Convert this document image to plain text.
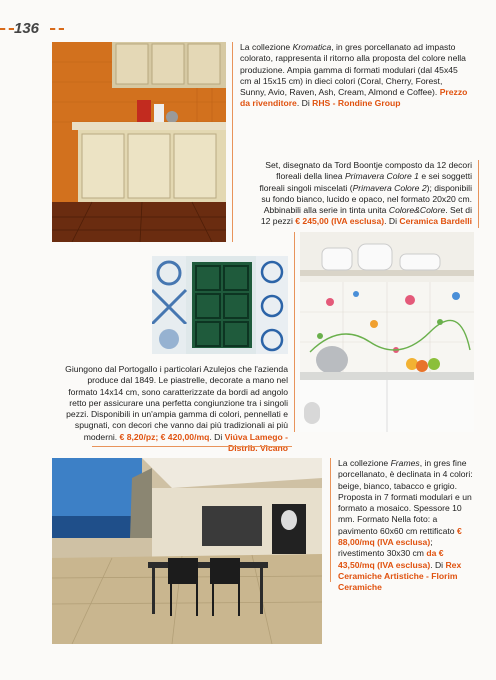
136
La collezione Kromatica, in gres porcellanato ad impasto colorato, rappresenta il ritorno alla proposta del colore nella produzione. Ampia gamma di formati modulari (dal 45x45 cm al 15x15 cm) in dieci colori (Coral, Cherry, Forest, Sunny, Avio, Raven, Ash, Cream, Almond e Coffee). Prezzo da rivenditore. Di RHS - Rondine Group
Set, disegnato da Tord Boontje composto da 12 decori floreali della linea Primavera Colore 1 e sei soggetti floreali singoli miscelati (Primavera Colore 2); disponibili su fondo bianco, lucido e opaco, nel formato 20x20 cm. Abbinabili alla serie in tinta unita Colore&Colore. Set di 12 pezzi € 245,00 (IVA esclusa). Di Ceramica Bardelli
Giungono dal Portogallo i particolari Azulejos che l'azienda produce dal 1849. Le piastrelle, decorate a mano nel formato 14x14 cm, sono caratterizzate da bordi ad angolo retto per assicurare una perfetta congiunzione tra i singoli pezzi. Disponibili in un'ampia gamma di colori, pennellati e spugnati, con decori che vanno dai più tradizionali ai più moderni. € 8,20/pz; € 420,00/mq. Di Viúva Lamego - Distrib. Vicano
La collezione Frames, in gres fine porcellanato, è declinata in 4 colori: beige, bianco, tabacco e grigio. Proposta in 7 formati modulari e un formato a mosaico. Spessore 10 mm. Formato Nella foto: a pavimento 60x60 cm rettificato € 88,00/mq (IVA esclusa); rivestimento 30x30 cm da € 43,50/mq (IVA esclusa). Di Rex Ceramiche Artistiche - Florim Ceramiche
